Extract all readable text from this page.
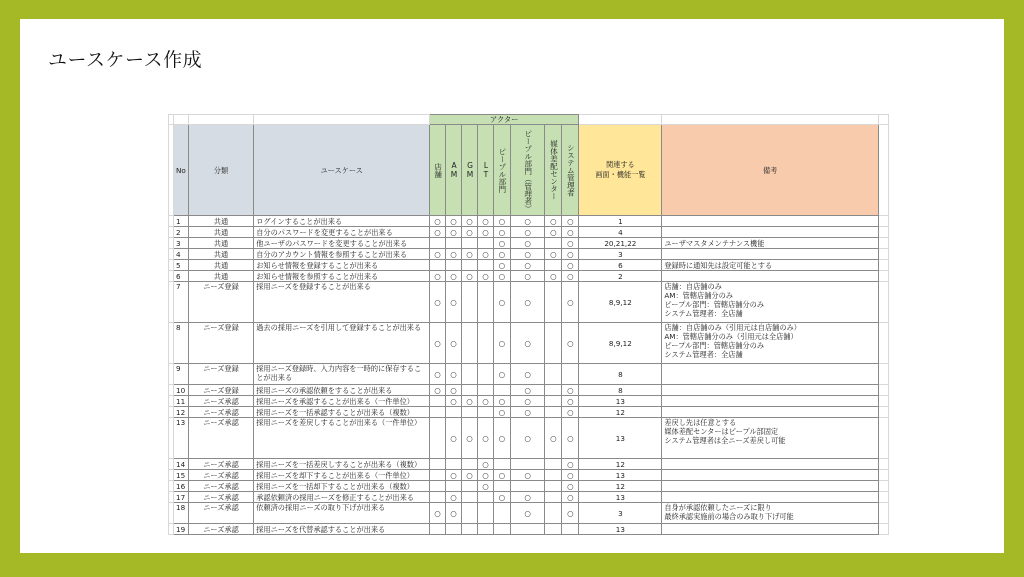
ユースケース作成
				アクター										
	No	分類	ユースケース	店舗	AM	GM	LT	ピープル部門	ピープル部門（管理者）	媒体差配センター	システム管理者	関連する
画面・機能一覧	備考	
	1	共通	ログインすることが出来る	○	○	○	○	○	○	○	○	1		
	2	共通	自分のパスワードを変更することが出来る	○	○	○	○	○	○	○	○	4		
	3	共通	他ユーザのパスワードを変更することが出来る					○	○		○	20,21,22	ユーザマスタメンテナンス機能	
	4	共通	自分のアカウント情報を参照することが出来る	○	○	○	○	○	○	○	○	3		
	5	共通	お知らせ情報を登録することが出来る					○	○		○	6	登録時に通知先は設定可能とする	
	6	共通	お知らせ情報を参照することが出来る	○	○	○	○	○	○	○	○	2		
	7	ニーズ登録	採用ニーズを登録することが出来る	○	○			○	○		○	8,9,12	店舗：自店舗のみ
AM：管轄店舗分のみ
ピープル部門：管轄店舗分のみ
システム管理者：全店舗	
	8	ニーズ登録	過去の採用ニーズを引用して登録することが出来る	○	○			○	○		○	8,9,12	店舗：自店舗のみ（引用元は自店舗のみ）
AM：管轄店舗分のみ（引用元は全店舗）
ピープル部門：管轄店舗分のみ
システム管理者：全店舗	
	9	ニーズ登録	採用ニーズ登録時、入力内容を一時的に保存することが出来る	○	○			○	○			8		
	10	ニーズ登録	採用ニーズの承認依頼をすることが出来る	○	○				○		○	8		
	11	ニーズ承認	採用ニーズを承認することが出来る（一件単位）		○	○	○	○	○		○	13		
	12	ニーズ承認	採用ニーズを一括承認することが出来る（複数）					○	○		○	12		
	13	ニーズ承認	採用ニーズを差戻しすることが出来る（一件単位）		○	○	○	○	○	○	○	13	差戻し先は任意とする
媒体差配センターはピープル部固定
システム管理者は全ニーズ差戻し可能	
	14	ニーズ承認	採用ニーズを一括差戻しすることが出来る（複数）				○				○	12		
	15	ニーズ承認	採用ニーズを却下することが出来る（一件単位）		○	○	○	○	○		○	13		
	16	ニーズ承認	採用ニーズを一括却下することが出来る（複数）				○				○	12		
	17	ニーズ承認	承認依頼済の採用ニーズを修正することが出来る		○			○	○		○	13		
	18	ニーズ承認	依頼済の採用ニーズの取り下げが出来る	○	○				○		○	3	自身が承認依頼したニーズに限り
最終承認実施前の場合のみ取り下げ可能	
	19	ニーズ承認	採用ニーズを代替承認することが出来る									13		
